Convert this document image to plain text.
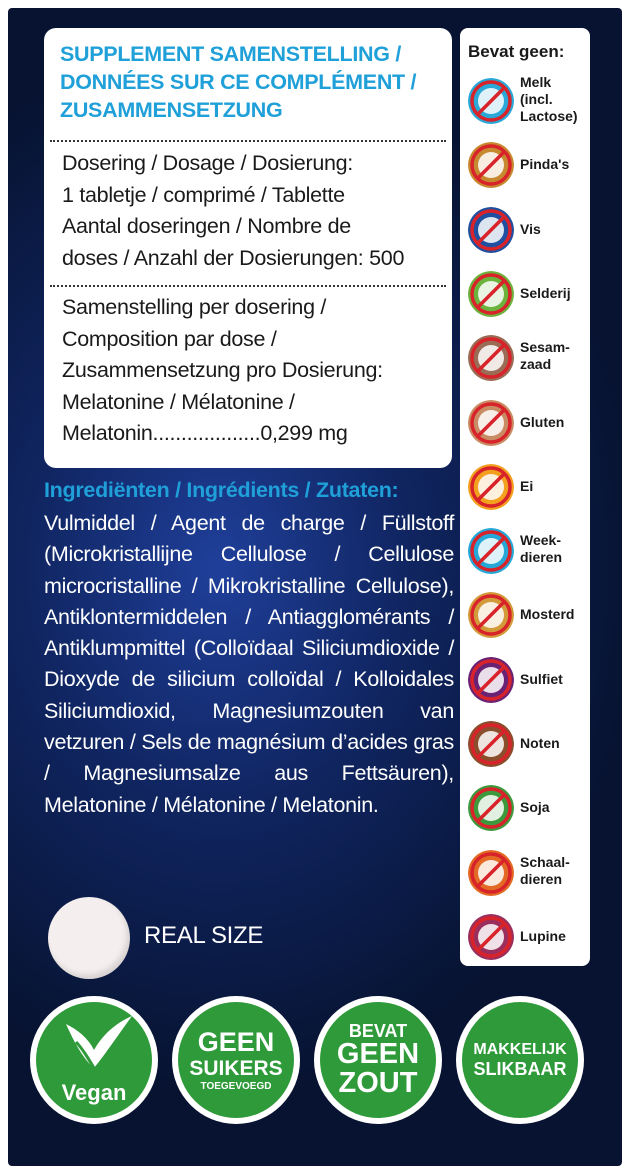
SUPPLEMENT SAMENSTELLING /
DONNÉES SUR CE COMPLÉMENT /
ZUSAMMENSETZUNG
Dosering / Dosage / Dosierung:
1 tabletje / comprimé / Tablette
Aantal doseringen / Nombre de
doses / Anzahl der Dosierungen: 500
Samenstelling per dosering /
Composition par dose /
Zusammensetzung pro Dosierung:
Melatonine / Mélatonine /
Melatonin...................0,299 mg
Ingrediënten / Ingrédients / Zutaten:
Vulmiddel / Agent de charge / Füllstoff (Microkristallijne Cellulose / Cellulose microcristalline / Mikrokristalline Cellulose), Antiklontermiddelen / Antiagglomérants / Antiklumpmittel (Colloïdaal Siliciumdioxide / Dioxyde de silicium colloïdal / Kolloidales Siliciumdioxid, Magnesiumzouten van vetzuren / Sels de magnésium d’acides gras / Magnesiumsalze aus Fettsäuren), Melatonine / Mélatonine / Melatonin.
REAL SIZE
Bevat geen:
Melk
(incl.
Lactose)
Pinda's
Vis
Selderij
Sesam-
zaad
Gluten
Ei
Week-
dieren
Mosterd
Sulfiet
Noten
Soja
Schaal-
dieren
Lupine
Vegan
GEEN
SUIKERS
TOEGEVOEGD
BEVAT
GEEN
ZOUT
MAKKELIJK
SLIKBAAR
